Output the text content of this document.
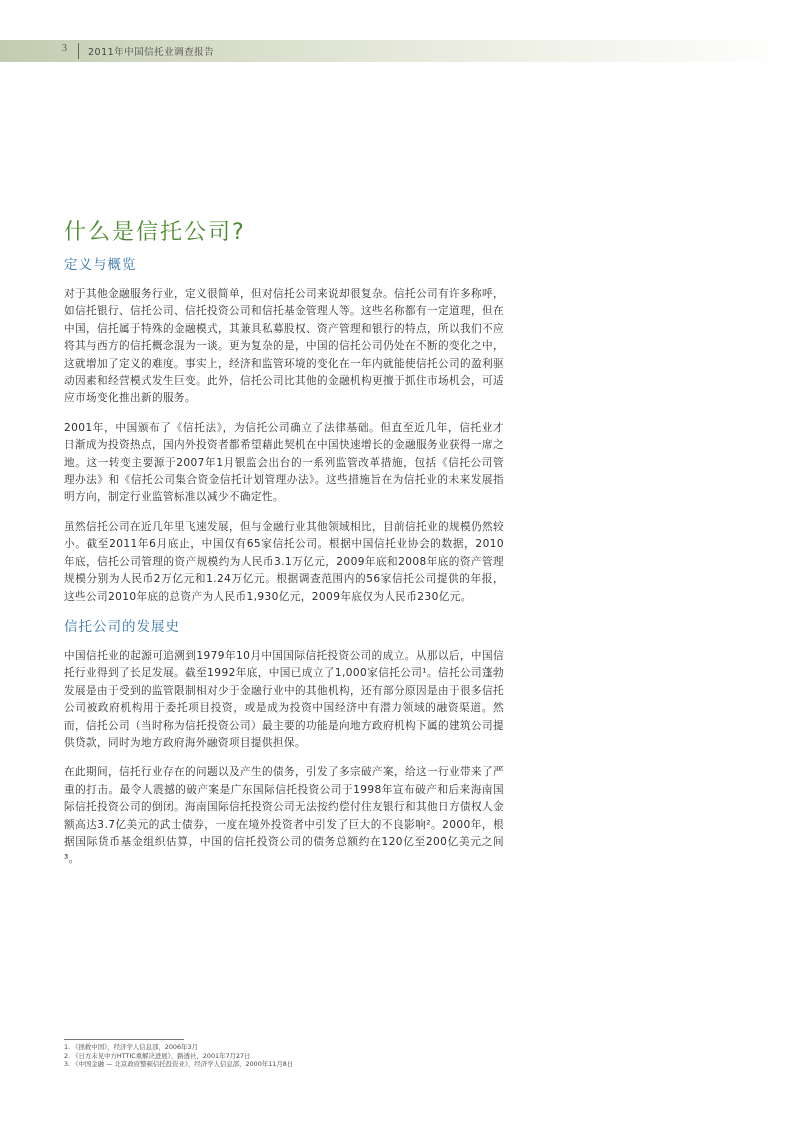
3 2011年中国信托业调查报告
什么是信托公司?
定义与概览

对于其他金融服务行业，定义很简单，但对信托公司来说却很复杂。信托公司有许多称呼，如信托银行、信托公司、信托投资公司和信托基金管理人等。这些名称都有一定道理，但在中国，信托属于特殊的金融模式，其兼具私募股权、资产管理和银行的特点，所以我们不应将其与西方的信托概念混为一谈。更为复杂的是，中国的信托公司仍处在不断的变化之中，这就增加了定义的难度。事实上，经济和监管环境的变化在一年内就能使信托公司的盈利驱动因素和经营模式发生巨变。此外，信托公司比其他的金融机构更擅于抓住市场机会，可适应市场变化推出新的服务。

2001年，中国颁布了《信托法》，为信托公司确立了法律基础。但直至近几年，信托业才日渐成为投资热点，国内外投资者都希望藉此契机在中国快速增长的金融服务业获得一席之地。这一转变主要源于2007年1月银监会出台的一系列监管改革措施，包括《信托公司管理办法》和《信托公司集合资金信托计划管理办法》。这些措施旨在为信托业的未来发展指明方向，制定行业监管标准以减少不确定性。

虽然信托公司在近几年里飞速发展，但与金融行业其他领域相比，目前信托业的规模仍然较小。截至2011年6月底止，中国仅有65家信托公司。根据中国信托业协会的数据，2010年底，信托公司管理的资产规模约为人民币3.1万亿元，2009年底和2008年底的资产管理规模分别为人民币2万亿元和1.24万亿元。根据调查范围内的56家信托公司提供的年报，这些公司2010年底的总资产为人民币1,930亿元，2009年底仅为人民币230亿元。

信托公司的发展史

中国信托业的起源可追溯到1979年10月中国国际信托投资公司的成立。从那以后，中国信托行业得到了长足发展。截至1992年底，中国已成立了1,000家信托公司¹。信托公司蓬勃发展是由于受到的监管限制相对少于金融行业中的其他机构，还有部分原因是由于很多信托公司被政府机构用于委托项目投资，或是成为投资中国经济中有潜力领域的融资渠道。然而，信托公司（当时称为信托投资公司）最主要的功能是向地方政府机构下属的建筑公司提供贷款，同时为地方政府海外融资项目提供担保。

在此期间，信托行业存在的问题以及产生的债务，引发了多宗破产案，给这一行业带来了严重的打击。最令人震撼的破产案是广东国际信托投资公司于1998年宣布破产和后来海南国际信托投资公司的倒闭。海南国际信托投资公司无法按约偿付住友银行和其他日方债权人金额高达3.7亿美元的武士债券，一度在境外投资者中引发了巨大的不良影响²。2000年，根据国际货币基金组织估算，中国的信托投资公司的债务总额约在120亿至200亿美元之间³。

1. 《拯救中国》，经济学人信息部，2006年3月
2. 《日方未见中方HTTIC重解决进展》，路透社，2001年7月27日
3. 《中国金融 — 北京政府整顿信托投资业》，经济学人信息部，2000年11月8日
